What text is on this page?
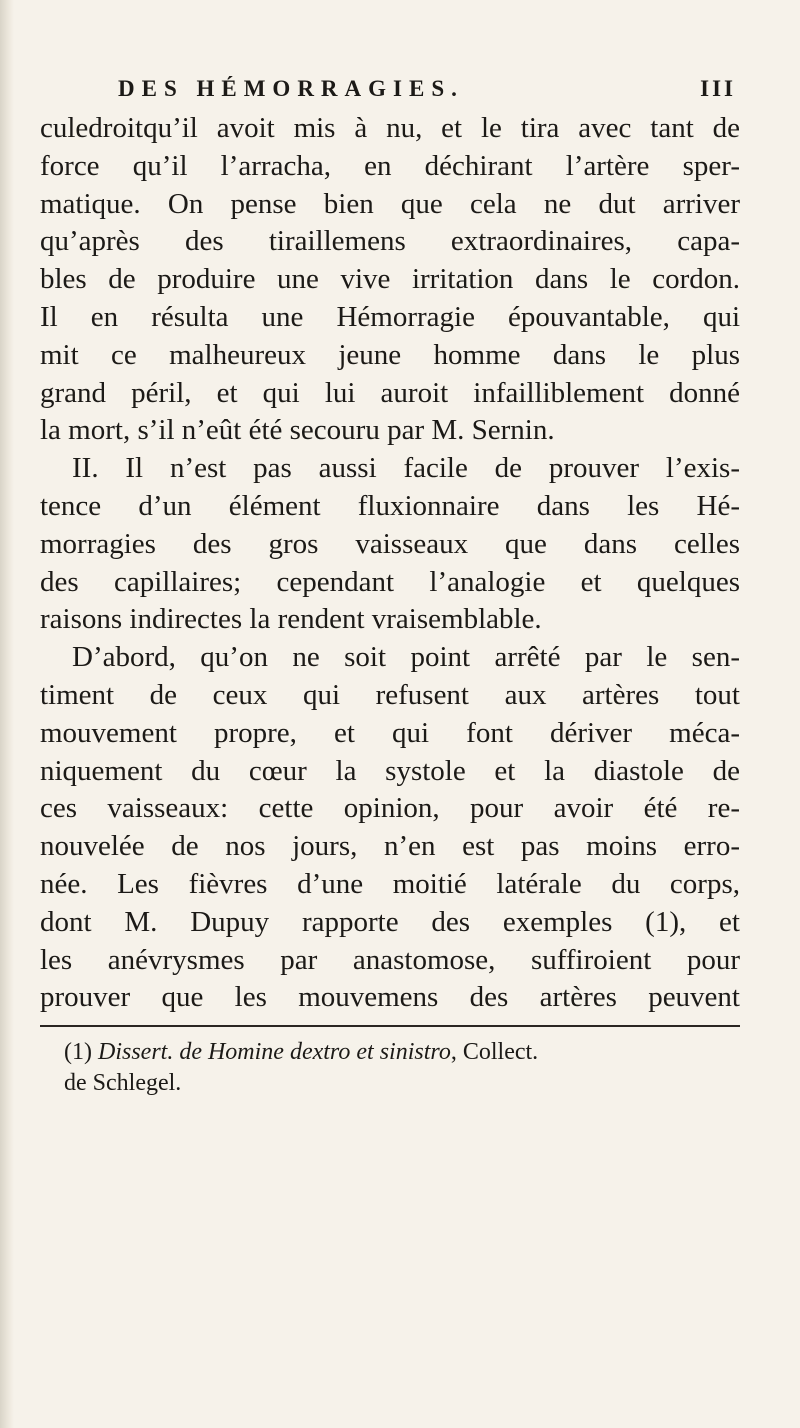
DES HÉMORRAGIES.	III
culedroitqu’il avoit mis à nu, et le tira avec tant de
force qu’il l’arracha, en déchirant l’artère sper-
matique. On pense bien que cela ne dut arriver
qu’après des tiraillemens extraordinaires, capa-
bles de produire une vive irritation dans le cordon.
Il en résulta une Hémorragie épouvantable, qui
mit ce malheureux jeune homme dans le plus
grand péril, et qui lui auroit infailliblement donné
la mort, s’il n’eût été secouru par M. Sernin.
II. Il n’est pas aussi facile de prouver l’exis-
tence d’un élément fluxionnaire dans les Hé-
morragies des gros vaisseaux que dans celles
des capillaires; cependant l’analogie et quelques
raisons indirectes la rendent vraisemblable.
D’abord, qu’on ne soit point arrêté par le sen-
timent de ceux qui refusent aux artères tout
mouvement propre, et qui font dériver méca-
niquement du cœur la systole et la diastole de
ces vaisseaux: cette opinion, pour avoir été re-
nouvelée de nos jours, n’en est pas moins erro-
née. Les fièvres d’une moitié latérale du corps,
dont M. Dupuy rapporte des exemples (1), et
les anévrysmes par anastomose, suffiroient pour
prouver que les mouvemens des artères peuvent
(1) Dissert. de Homine dextro et sinistro, Collect.
de Schlegel.
